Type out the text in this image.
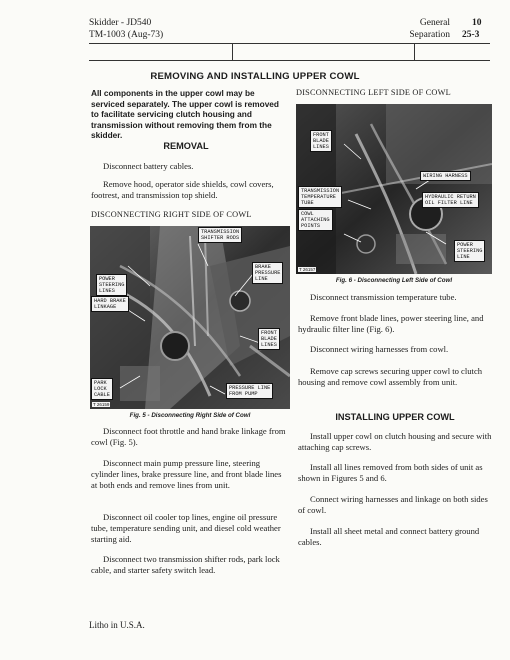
Skidder - JD540
TM-1003 (Aug-73)
General 10
Separation 25-3
REMOVING AND INSTALLING UPPER COWL

All components in the upper cowl may be serviced separately. The upper cowl is removed to facilitate servicing clutch housing and transmission without removing them from the skidder.

REMOVAL

Disconnect battery cables.

Remove hood, operator side shields, cowl covers, footrest, and transmission top shield.

DISCONNECTING RIGHT SIDE OF COWL
TRANSMISSION
SHIFTER RODS
BRAKE
PRESSURE
LINE
POWER
STEERING
LINES
HARD BRAKE
LINKAGE
FRONT
BLADE
LINES
PARK
LOCK
CABLE
PRESSURE LINE
FROM PUMP
T 26159
Fig. 5 - Disconnecting Right Side of Cowl

Disconnect foot throttle and hand brake linkage from cowl (Fig. 5).

Disconnect main pump pressure line, steering cylinder lines, brake pressure line, and front blade lines at both ends and remove lines from unit.

Disconnect oil cooler top lines, engine oil pressure tube, temperature sending unit, and diesel cold weather starting aid.

Disconnect two transmission shifter rods, park lock cable, and starter safety switch lead.

DISCONNECTING LEFT SIDE OF COWL
FRONT
BLADE
LINES
WIRING HARNESS
TRANSMISSION
TEMPERATURE
TUBE
HYDRAULIC RETURN
OIL FILTER LINE
COWL
ATTACHING
POINTS
POWER
STEERING
LINE
T 26157
Fig. 6 - Disconnecting Left Side of Cowl

Disconnect transmission temperature tube.

Remove front blade lines, power steering line, and hydraulic filter line (Fig. 6).

Disconnect wiring harnesses from cowl.

Remove cap screws securing upper cowl to clutch housing and remove cowl assembly from unit.

INSTALLING UPPER COWL

Install upper cowl on clutch housing and secure with attaching cap screws.

Install all lines removed from both sides of unit as shown in Figures 5 and 6.

Connect wiring harnesses and linkage on both sides of cowl.

Install all sheet metal and connect battery ground cables.

Litho in U.S.A.
